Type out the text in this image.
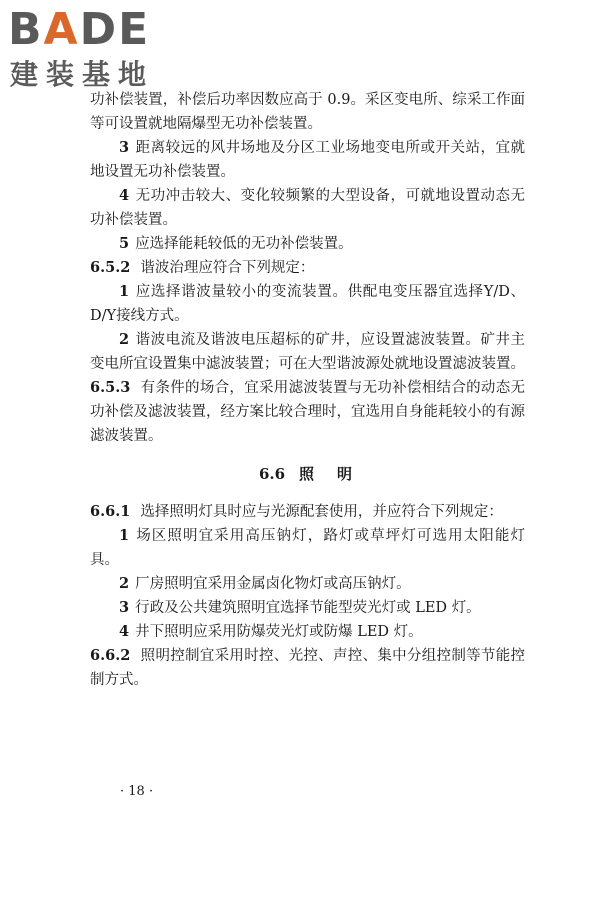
BADE
建装基地

功补偿装置，补偿后功率因数应高于 0.9。采区变电所、综采工作面等可设置就地隔爆型无功补偿装置。

3 距离较远的风井场地及分区工业场地变电所或开关站，宜就地设置无功补偿装置。

4 无功冲击较大、变化较频繁的大型设备，可就地设置动态无功补偿装置。

5 应选择能耗较低的无功补偿装置。

6.5.2 谐波治理应符合下列规定：

1 应选择谐波量较小的变流装置。供配电变压器宜选择Y/D、D/Y接线方式。

2 谐波电流及谐波电压超标的矿井，应设置滤波装置。矿井主变电所宜设置集中滤波装置；可在大型谐波源处就地设置滤波装置。

6.5.3 有条件的场合，宜采用滤波装置与无功补偿相结合的动态无功补偿及滤波装置，经方案比较合理时，宜选用自身能耗较小的有源滤波装置。

6.6 照　明

6.6.1 选择照明灯具时应与光源配套使用，并应符合下列规定：

1 场区照明宜采用高压钠灯，路灯或草坪灯可选用太阳能灯具。

2 厂房照明宜采用金属卤化物灯或高压钠灯。

3 行政及公共建筑照明宜选择节能型荧光灯或 LED 灯。

4 井下照明应采用防爆荧光灯或防爆 LED 灯。

6.6.2 照明控制宜采用时控、光控、声控、集中分组控制等节能控制方式。

· 18 ·
